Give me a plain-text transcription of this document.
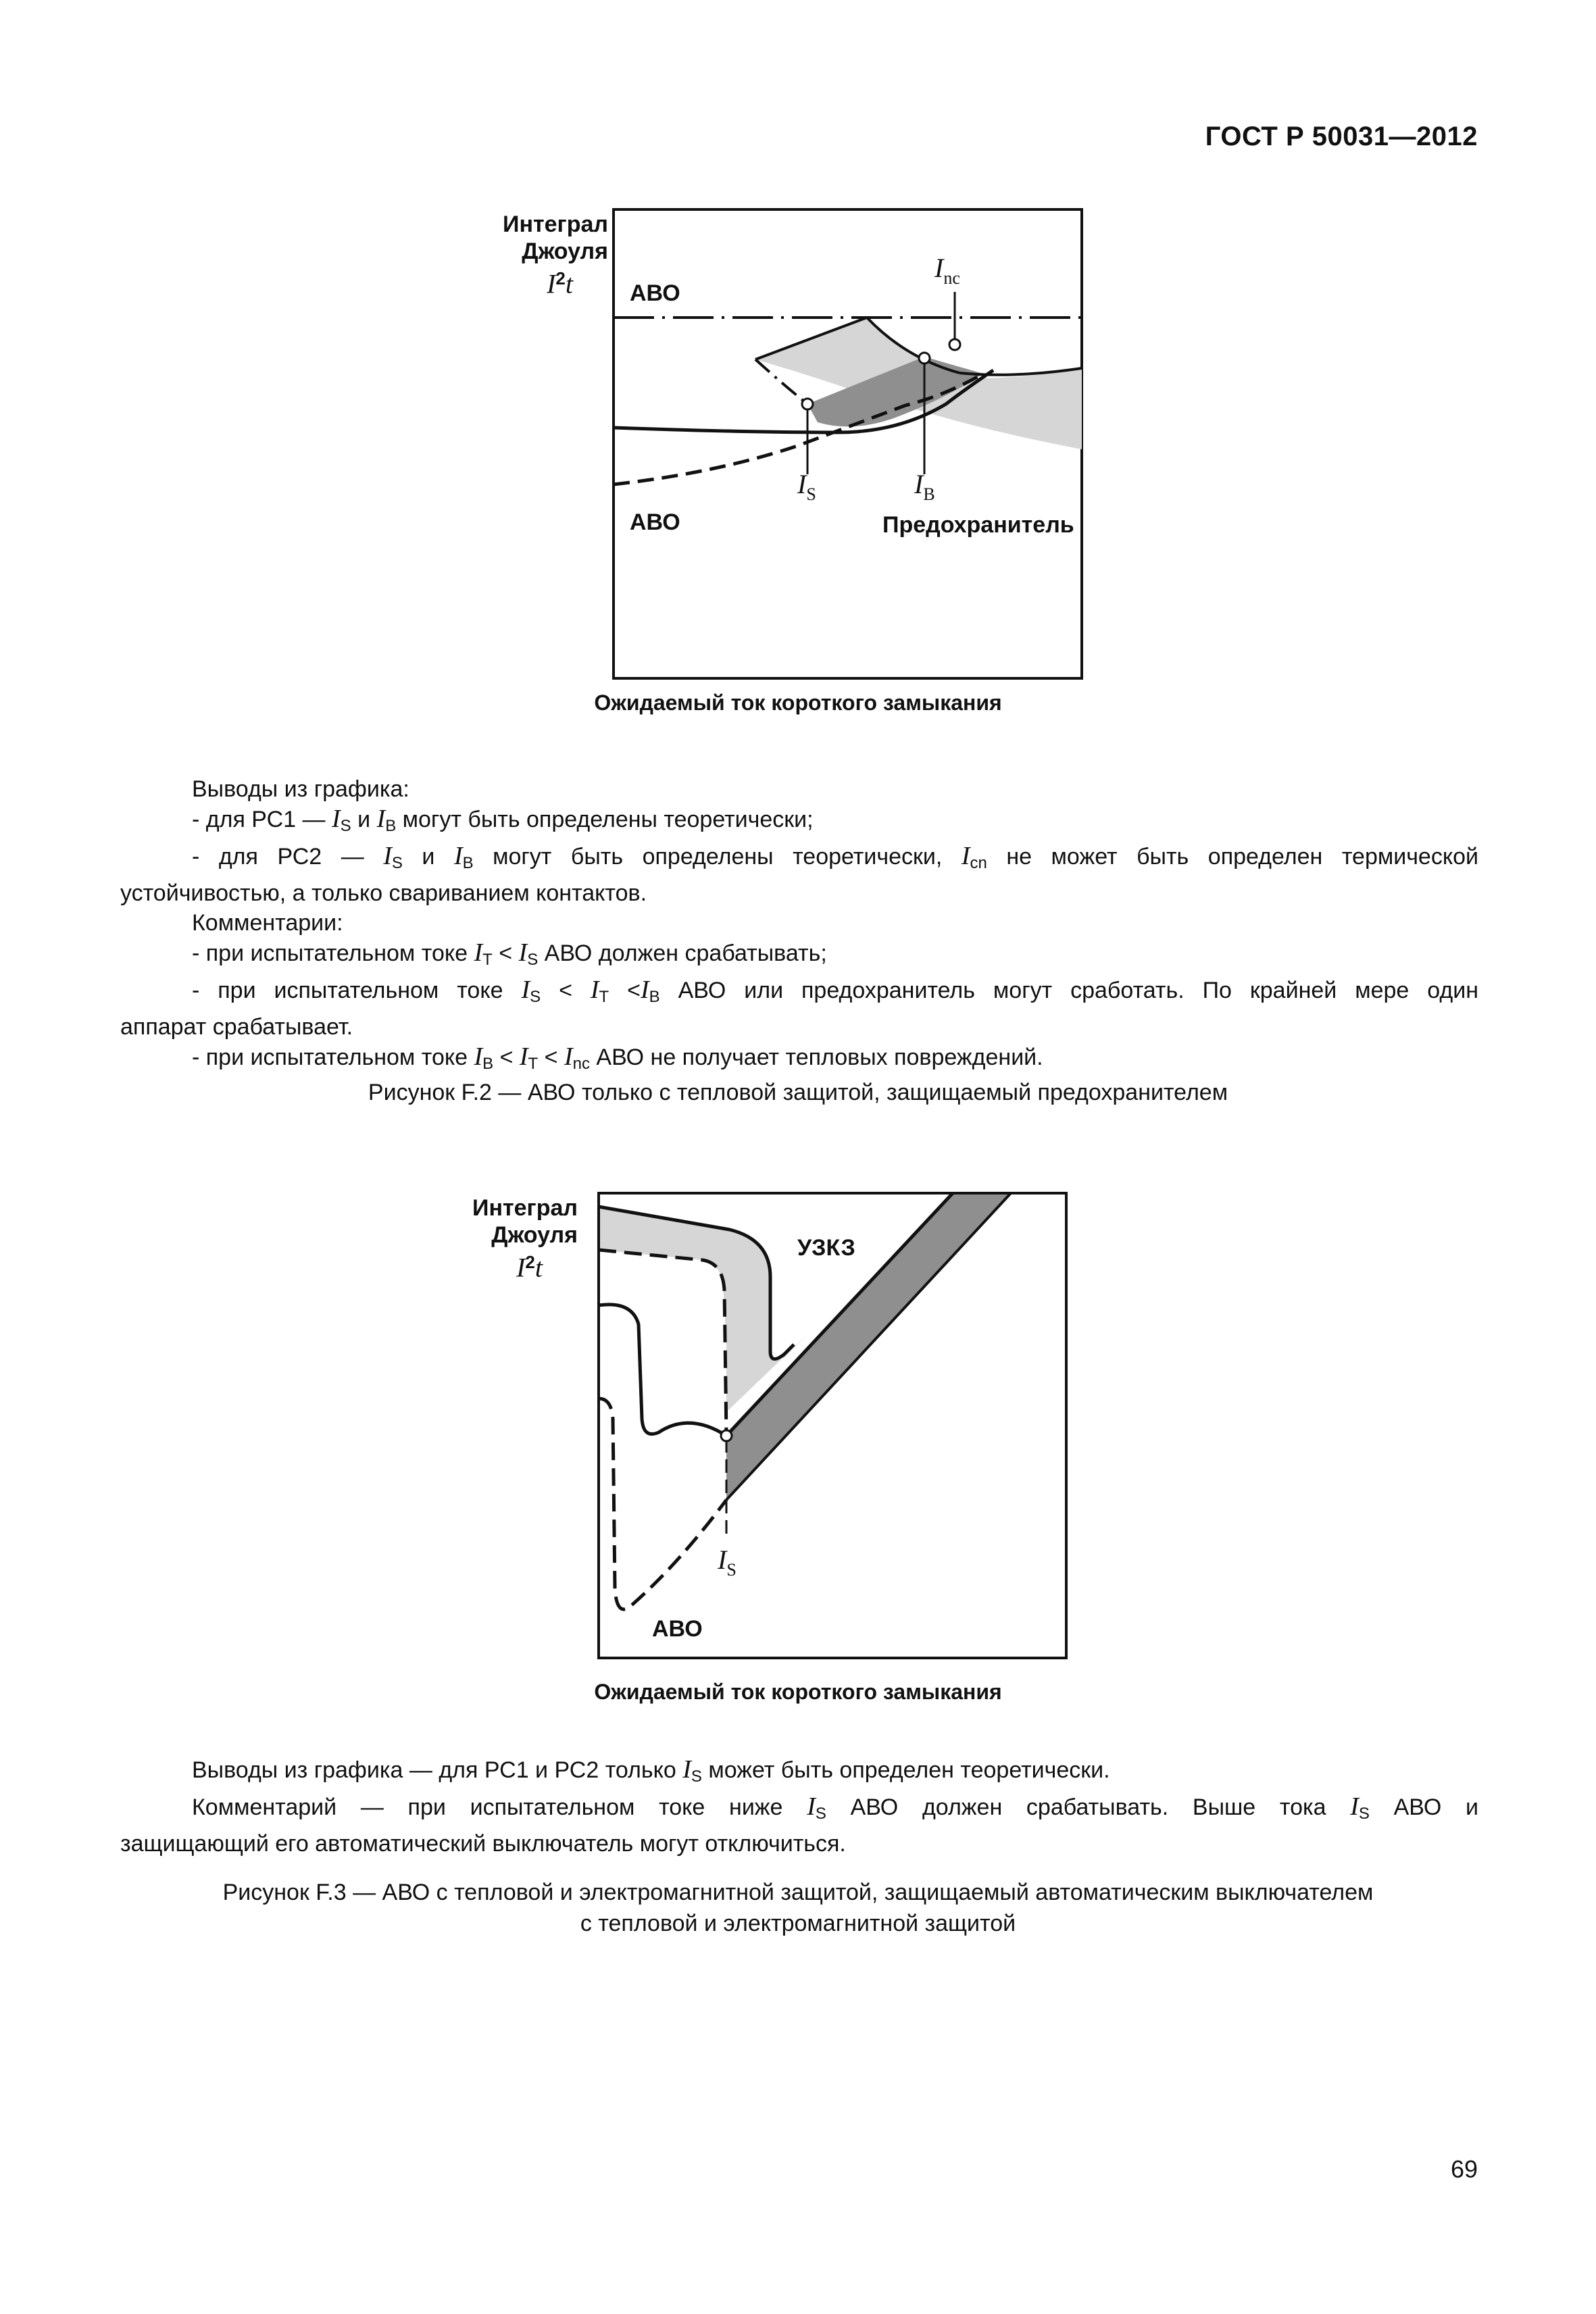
ГОСТ Р 50031—2012
Интеграл
Джоуля
$I^2t$	АВО
АВО	Предохранитель
$I_{nc}$
$I_S$	$I_B$
Ожидаемый ток короткого замыкания
Выводы из графика:
- для РС1 — $I_S$ и $I_B$ могут быть определены теоретически;
- для РС2 — $I_S$ и $I_B$ могут быть определены теоретически, $I_{cn}$ не может быть определен термической
устойчивостью, а только свариванием контактов.
Комментарии:
- при испытательном токе $I_T < I_S$ АВО должен срабатывать;
- при испытательном токе $I_S < I_T <I_B$ АВО или предохранитель могут сработать. По крайней мере один
аппарат срабатывает.
- при испытательном токе $I_B < I_T < I_{nc}$ АВО не получает тепловых повреждений.
Рисунок F.2 — АВО только с тепловой защитой, защищаемый предохранителем
Интеграл
Джоуля
$I^2t$
УЗКЗ
АВО
$I_S$
Ожидаемый ток короткого замыкания
Выводы из графика — для РС1 и РС2 только $I_S$ может быть определен теоретически.
Комментарий — при испытательном токе ниже $I_S$ АВО должен срабатывать. Выше тока $I_S$ АВО и
защищающий его автоматический выключатель могут отключиться.
Рисунок F.3 — АВО с тепловой и электромагнитной защитой, защищаемый автоматическим выключателем
с тепловой и электромагнитной защитой
69
